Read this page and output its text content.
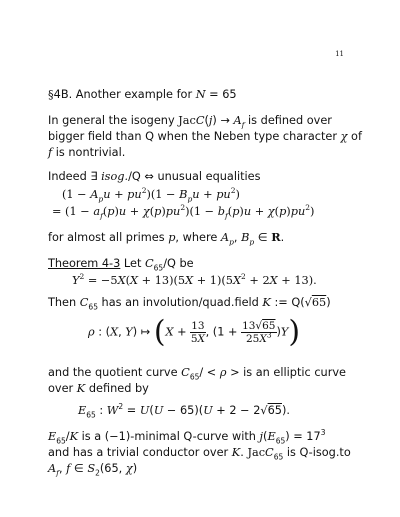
11
§4B. Another example for N = 65
In general the isogeny JacC(j) → $A_f$ is defined over
bigger field than Q when the Neben type character χ of
f is nontrivial.
Indeed ∃ isog./Q ⇔ unusual equalities
$(1 - A_pu + pu^2)(1 - B_pu + pu^2)$
= $(1 - a_f(p)u + \chi(p)pu^2)(1 - b_f(p)u + \chi(p)pu^2)$
for almost all primes p, where $A_p$, $B_p$ ∈ R.
Theorem 4-3 Let $C_{65}/Q$ be
$Y^2 = -5X(X + 13)(5X + 1)(5X^2 + 2X + 13)$.
Then $C_{65}$ has an involution/quad.field K := Q(√65)
ρ : (X, Y) ↦ ($X + \frac{13}{5X}$ , $(1 + \frac{13√65}{25X^3} )Y$)
and the quotient curve $C_{65}/ < \rho$ > is an elliptic curve
over K defined by
$E_{65}$ : $W^2 = U(U - 65)(U + 2 - 2√65)$.
$E_{65}/K$ is a (−1)-minimal Q-curve with $j(E_{65}) = 17^3$
and has a trivial conductor over K. JacC$_{65}$ is Q-isog.to
$A_f$, f ∈ $S_2(65$, χ)
